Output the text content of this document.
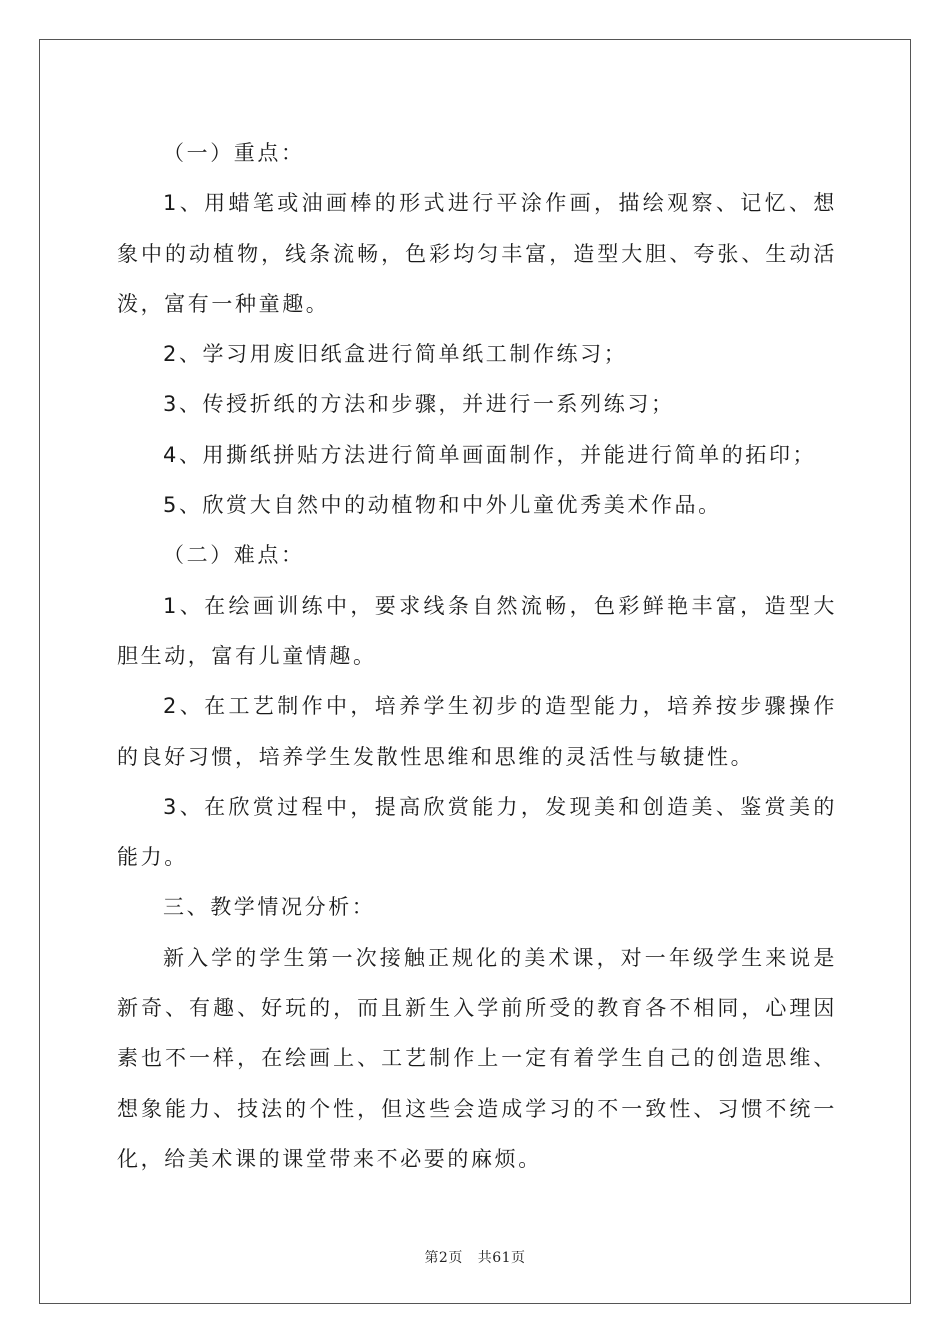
（一）重点：

1、用蜡笔或油画棒的形式进行平涂作画，描绘观察、记忆、想象中的动植物，线条流畅，色彩均匀丰富，造型大胆、夸张、生动活泼，富有一种童趣。

2、学习用废旧纸盒进行简单纸工制作练习；

3、传授折纸的方法和步骤，并进行一系列练习；

4、用撕纸拼贴方法进行简单画面制作，并能进行简单的拓印；

5、欣赏大自然中的动植物和中外儿童优秀美术作品。

（二）难点：

1、在绘画训练中，要求线条自然流畅，色彩鲜艳丰富，造型大胆生动，富有儿童情趣。

2、在工艺制作中，培养学生初步的造型能力，培养按步骤操作的良好习惯，培养学生发散性思维和思维的灵活性与敏捷性。

3、在欣赏过程中，提高欣赏能力，发现美和创造美、鉴赏美的能力。

三、教学情况分析：

新入学的学生第一次接触正规化的美术课，对一年级学生来说是新奇、有趣、好玩的，而且新生入学前所受的教育各不相同，心理因素也不一样，在绘画上、工艺制作上一定有着学生自己的创造思维、想象能力、技法的个性，但这些会造成学习的不一致性、习惯不统一化，给美术课的课堂带来不必要的麻烦。

第2页 共61页
